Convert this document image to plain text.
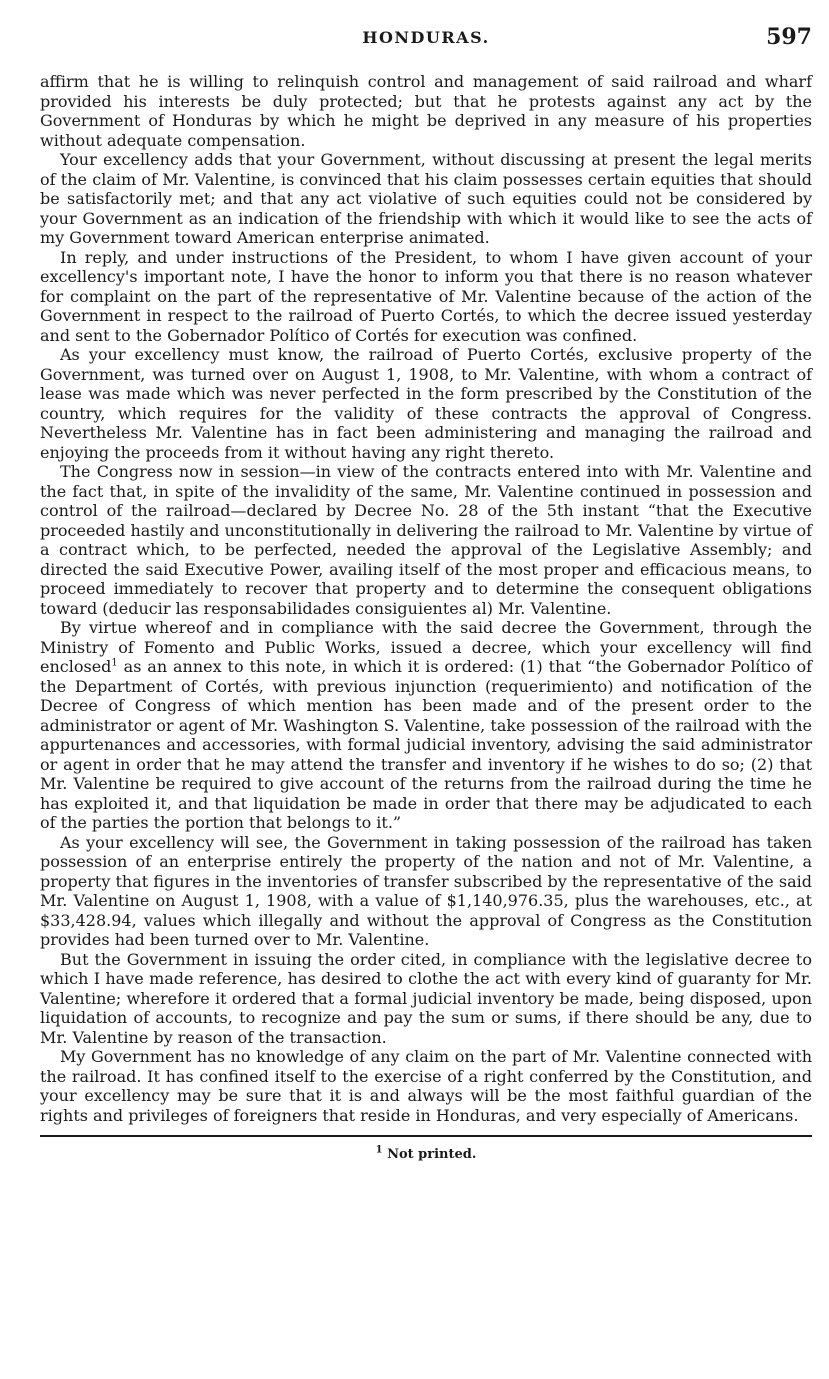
HONDURAS.	597

affirm that he is willing to relinquish control and management of said railroad and wharf provided his interests be duly protected; but that he protests against any act by the Government of Honduras by which he might be deprived in any measure of his properties without adequate compensation.

Your excellency adds that your Government, without discussing at present the legal merits of the claim of Mr. Valentine, is convinced that his claim possesses certain equities that should be satisfactorily met; and that any act violative of such equities could not be considered by your Government as an indication of the friendship with which it would like to see the acts of my Government toward American enterprise animated.

In reply, and under instructions of the President, to whom I have given account of your excellency's important note, I have the honor to inform you that there is no reason whatever for complaint on the part of the representative of Mr. Valentine because of the action of the Government in respect to the railroad of Puerto Cortés, to which the decree issued yesterday and sent to the Gobernador Político of Cortés for execution was confined.

As your excellency must know, the railroad of Puerto Cortés, exclusive property of the Government, was turned over on August 1, 1908, to Mr. Valentine, with whom a contract of lease was made which was never perfected in the form prescribed by the Constitution of the country, which requires for the validity of these contracts the approval of Congress. Nevertheless Mr. Valentine has in fact been administering and managing the railroad and enjoying the proceeds from it without having any right thereto.

The Congress now in session—in view of the contracts entered into with Mr. Valentine and the fact that, in spite of the invalidity of the same, Mr. Valentine continued in possession and control of the railroad—declared by Decree No. 28 of the 5th instant “that the Executive proceeded hastily and unconstitutionally in delivering the railroad to Mr. Valentine by virtue of a contract which, to be perfected, needed the approval of the Legislative Assembly; and directed the said Executive Power, availing itself of the most proper and efficacious means, to proceed immediately to recover that property and to determine the consequent obligations toward (deducir las responsabilidades consiguientes al) Mr. Valentine.

By virtue whereof and in compliance with the said decree the Government, through the Ministry of Fomento and Public Works, issued a decree, which your excellency will find enclosed$^1$ as an annex to this note, in which it is ordered: (1) that “the Gobernador Político of the Department of Cortés, with previous injunction (requerimiento) and notification of the Decree of Congress of which mention has been made and of the present order to the administrator or agent of Mr. Washington S. Valentine, take possession of the railroad with the appurtenances and accessories, with formal judicial inventory, advising the said administrator or agent in order that he may attend the transfer and inventory if he wishes to do so; (2) that Mr. Valentine be required to give account of the returns from the railroad during the time he has exploited it, and that liquidation be made in order that there may be adjudicated to each of the parties the portion that belongs to it.”

As your excellency will see, the Government in taking possession of the railroad has taken possession of an enterprise entirely the property of the nation and not of Mr. Valentine, a property that figures in the inventories of transfer subscribed by the representative of the said Mr. Valentine on August 1, 1908, with a value of $1,140,976.35, plus the warehouses, etc., at $33,428.94, values which illegally and without the approval of Congress as the Constitution provides had been turned over to Mr. Valentine.

But the Government in issuing the order cited, in compliance with the legislative decree to which I have made reference, has desired to clothe the act with every kind of guaranty for Mr. Valentine; wherefore it ordered that a formal judicial inventory be made, being disposed, upon liquidation of accounts, to recognize and pay the sum or sums, if there should be any, due to Mr. Valentine by reason of the transaction.

My Government has no knowledge of any claim on the part of Mr. Valentine connected with the railroad. It has confined itself to the exercise of a right conferred by the Constitution, and your excellency may be sure that it is and always will be the most faithful guardian of the rights and privileges of foreigners that reside in Honduras, and very especially of Americans.

$^1$ Not printed.
